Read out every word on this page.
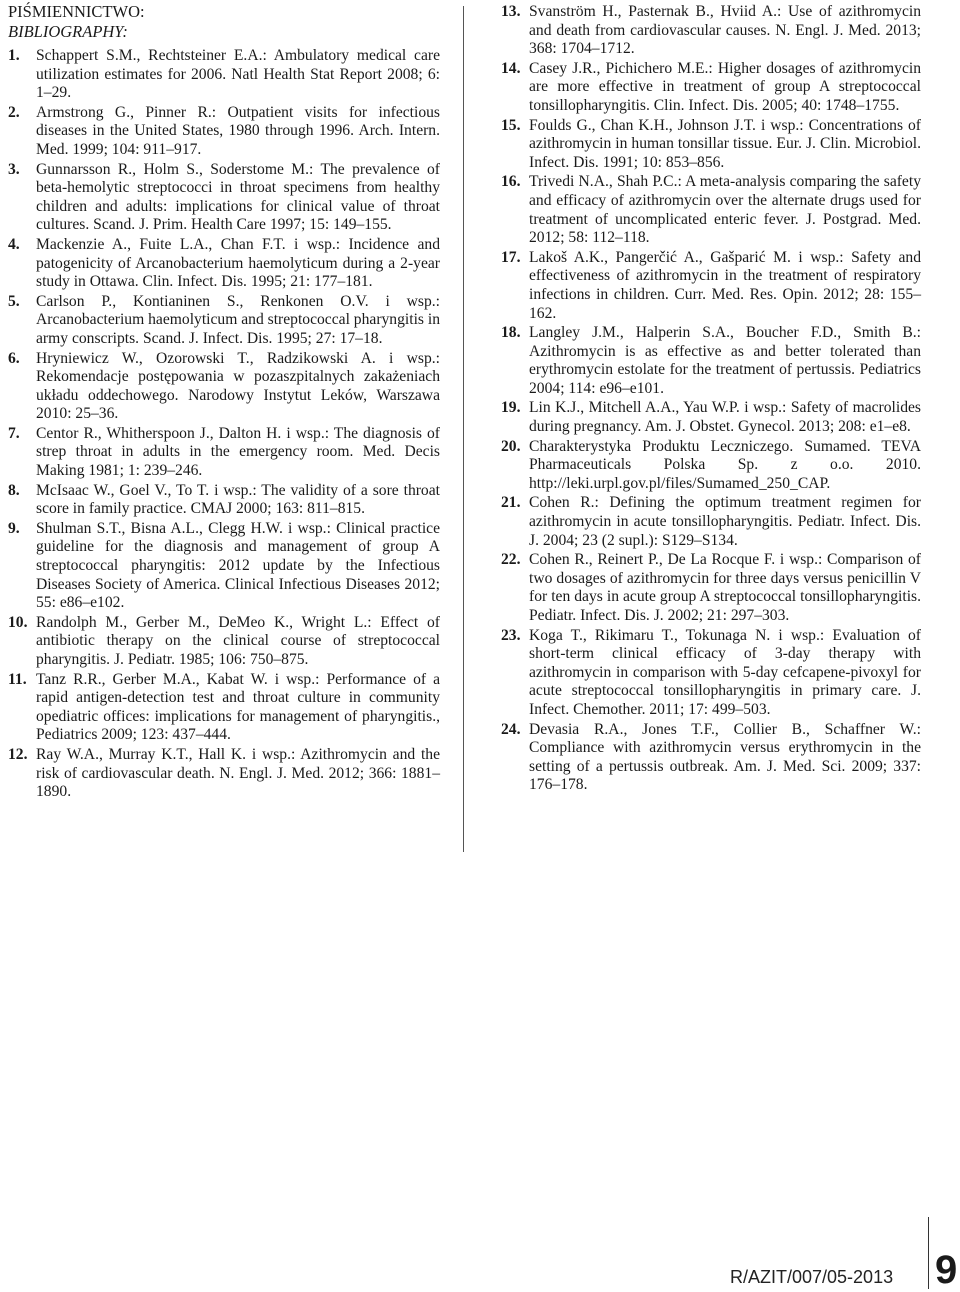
PIŚMIENNICTWO:
BIBLIOGRAPHY:
1.	Schappert S.M., Rechtsteiner E.A.: Ambulatory medical care utilization estimates for 2006. Natl Health Stat Report 2008; 6: 1–29.
2.	Armstrong G., Pinner R.: Outpatient visits for infectious diseases in the United States, 1980 through 1996. Arch. Intern. Med. 1999; 104: 911–917.
3.	Gunnarsson R., Holm S., Soderstome M.: The prevalence of beta-hemolytic streptococci in throat specimens from healthy children and adults: implications for clinical value of throat cultures. Scand. J. Prim. Health Care 1997; 15: 149–155.
4.	Mackenzie A., Fuite L.A., Chan F.T. i wsp.: Incidence and patogenicity of Arcanobacterium haemolyticum during a 2-year study in Ottawa. Clin. Infect. Dis. 1995; 21: 177–181.
5.	Carlson P., Kontianinen S., Renkonen O.V. i wsp.: Arcanobacterium haemolyticum and streptococcal pharyngitis in army conscripts. Scand. J. Infect. Dis. 1995; 27: 17–18.
6.	Hryniewicz W., Ozorowski T., Radzikowski A. i wsp.: Rekomendacje postępowania w pozaszpitalnych zakażeniach układu oddechowego. Narodowy Instytut Leków, Warszawa 2010: 25–36.
7.	Centor R., Whitherspoon J., Dalton H. i wsp.: The diagnosis of strep throat in adults in the emergency room. Med. Decis Making 1981; 1: 239–246.
8.	McIsaac W., Goel V., To T. i wsp.: The validity of a sore throat score in family practice. CMAJ 2000; 163: 811–815.
9.	Shulman S.T., Bisna A.L., Clegg H.W. i wsp.: Clinical practice guideline for the diagnosis and management of group A streptococcal pharyngitis: 2012 update by the Infectious Diseases Society of America. Clinical Infectious Diseases 2012; 55: e86–e102.
10. Randolph M., Gerber M., DeMeo K., Wright L.: Effect of antibiotic therapy on the clinical course of streptococcal pharyngitis. J. Pediatr. 1985; 106: 750–875.
11. Tanz R.R., Gerber M.A., Kabat W. i wsp.: Performance of a rapid antigen-detection test and throat culture in community opediatric offices: implications for management of pharyngitis., Pediatrics 2009; 123: 437–444.
12. Ray W.A., Murray K.T., Hall K. i wsp.: Azithromycin and the risk of cardiovascular death. N. Engl. J. Med. 2012; 366: 1881–1890.
13. Svanström H., Pasternak B., Hviid A.: Use of azithromycin and death from cardiovascular causes. N. Engl. J. Med. 2013; 368: 1704–1712.
14. Casey J.R., Pichichero M.E.: Higher dosages of azithromycin are more effective in treatment of group A streptococcal tonsillopharyngitis. Clin. Infect. Dis. 2005; 40: 1748–1755.
15. Foulds G., Chan K.H., Johnson J.T. i wsp.: Concentrations of azithromycin in human tonsillar tissue. Eur. J. Clin. Microbiol. Infect. Dis. 1991; 10: 853–856.
16. Trivedi N.A., Shah P.C.: A meta-analysis comparing the safety and efficacy of azithromycin over the alternate drugs used for treatment of uncomplicated enteric fever. J. Postgrad. Med. 2012; 58: 112–118.
17. Lakoš A.K., Pangerčić A., Gašparić M. i wsp.: Safety and effectiveness of azithromycin in the treatment of respiratory infections in children. Curr. Med. Res. Opin. 2012; 28: 155–162.
18. Langley J.M., Halperin S.A., Boucher F.D., Smith B.: Azithromycin is as effective as and better tolerated than erythromycin estolate for the treatment of pertussis. Pediatrics 2004; 114: e96–e101.
19. Lin K.J., Mitchell A.A., Yau W.P. i wsp.: Safety of macrolides during pregnancy. Am. J. Obstet. Gynecol. 2013; 208: e1–e8.
20. Charakterystyka Produktu Leczniczego. Sumamed. TEVA Pharmaceuticals Polska Sp. z o.o. 2010. http://leki.urpl.gov.pl/files/Sumamed_250_CAP.
21. Cohen R.: Defining the optimum treatment regimen for azithromycin in acute tonsillopharyngitis. Pediatr. Infect. Dis. J. 2004; 23 (2 supl.): S129–S134.
22. Cohen R., Reinert P., De La Rocque F. i wsp.: Comparison of two dosages of azithromycin for three days versus penicillin V for ten days in acute group A streptococcal tonsillopharyngitis. Pediatr. Infect. Dis. J. 2002; 21: 297–303.
23. Koga T., Rikimaru T., Tokunaga N. i wsp.: Evaluation of short-term clinical efficacy of 3-day therapy with azithromycin in comparison with 5-day cefcapene-pivoxyl for acute streptococcal tonsillopharyngitis in primary care. J. Infect. Chemother. 2011; 17: 499–503.
24. Devasia R.A., Jones T.F., Collier B., Schaffner W.: Compliance with azithromycin versus erythromycin in the setting of a pertussis outbreak. Am. J. Med. Sci. 2009; 337: 176–178.
R/AZIT/007/05-2013 9
